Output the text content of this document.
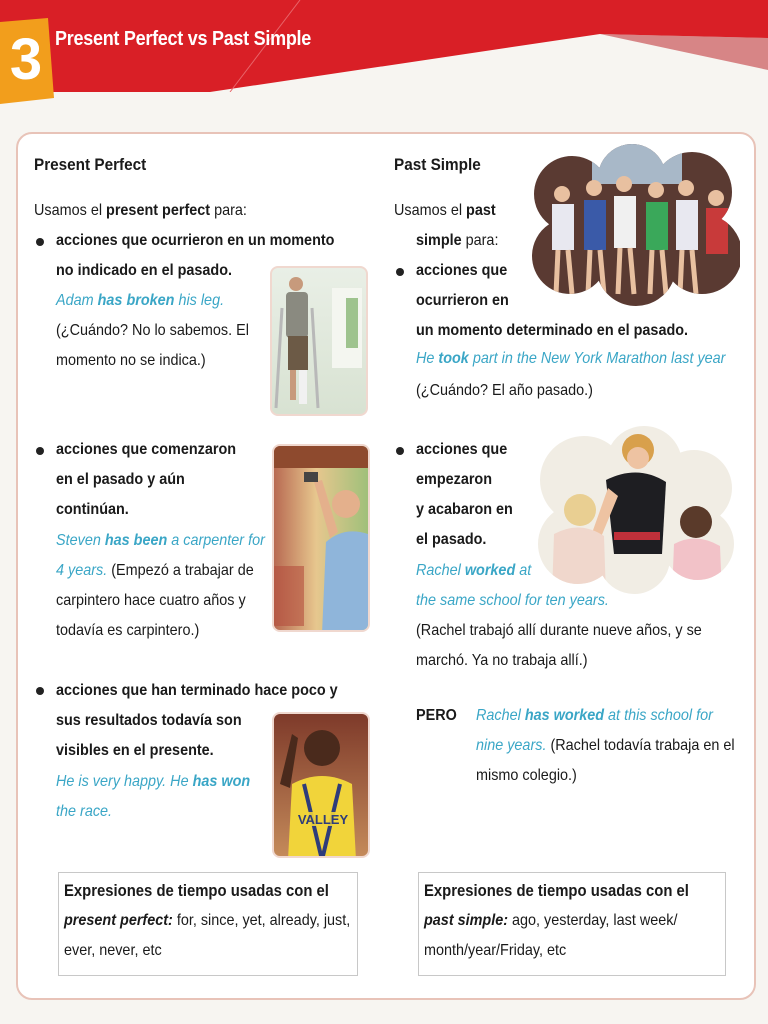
3 Present Perfect vs Past Simple
Present Perfect
Usamos el present perfect para:
acciones que ocurrieron en un momento
no indicado en el pasado.
Adam has broken his leg.
(¿Cuándo? No lo sabemos. El
momento no se indica.)
acciones que comenzaron
en el pasado y aún
continúan.
Steven has been a carpenter for
4 years. (Empezó a trabajar de
carpintero hace cuatro años y
todavía es carpintero.)
acciones que han terminado hace poco y
sus resultados todavía son
visibles en el presente.
He is very happy. He has won
the race.	VALLEY
Expresiones de tiempo usadas con el
present perfect: for, since, yet, already, just,
ever, never, etc
Past Simple
Usamos el past
simple para:
acciones que
ocurrieron en
un momento determinado en el pasado.
He took part in the New York Marathon last year
(¿Cuándo? El año pasado.)
acciones que
empezaron
y acabaron en
el pasado.
Rachel worked at
the same school for ten years.
(Rachel trabajó allí durante nueve años, y se
marchó. Ya no trabaja allí.)
PERO Rachel has worked at this school for
nine years. (Rachel todavía trabaja en el
mismo colegio.)
Expresiones de tiempo usadas con el
past simple: ago, yesterday, last week/
month/year/Friday, etc
